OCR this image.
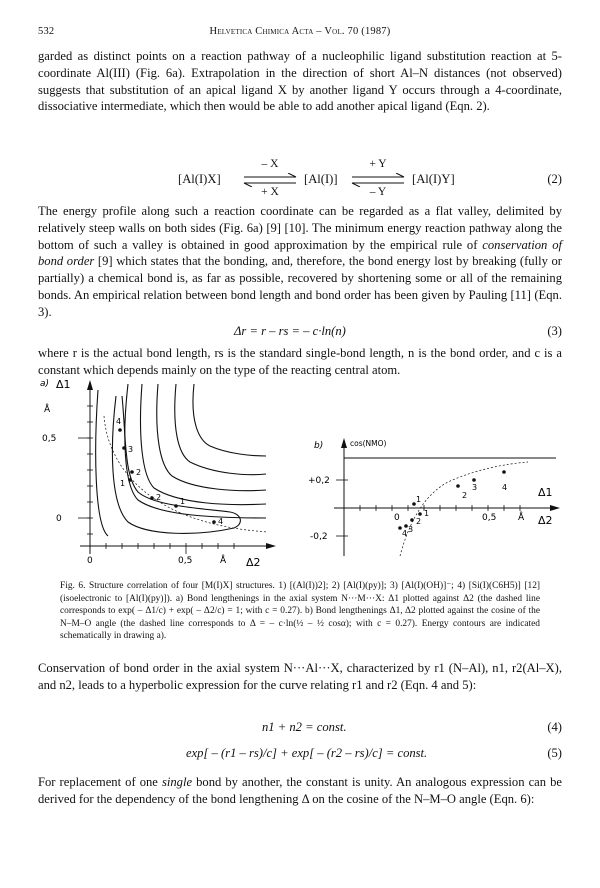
532	Helvetica Chimica Acta – Vol. 70 (1987)

garded as distinct points on a reaction pathway of a nucleophilic ligand substitution reaction at 5-coordinate Al(III) (Fig. 6a). Extrapolation in the direction of short Al–N distances (not observed) suggests that substitution of an apical ligand X by another ligand Y occurs through a 4-coordinate, dissociative intermediate, which then would be able to add another apical ligand (Eqn. 2).

[Al(I)X]
– X
+ X
[Al(I)]
+ Y
– Y
[Al(I)Y]	(2)

The energy profile along such a reaction coordinate can be regarded as a flat valley, delimited by relatively steep walls on both sides (Fig. 6a) [9] [10]. The minimum energy reaction pathway along the bottom of such a valley is obtained in good approximation by the empirical rule of conservation of bond order [9] which states that the bonding, and, therefore, the bond energy lost by breaking (fully or partially) a chemical bond is, as far as possible, recovered by shortening some or all of the remaining bonds. An empirical relation between bond length and bond order has been given by Pauling [11] (Eqn. 3).

Δr = r – rs = – c·ln(n)	(3)

where r is the actual bond length, rs is the standard single-bond length, n is the bond order, and c is a constant which depends mainly on the type of the reacting central atom.

a) Δ1
Å
0,5
0
0	0,5	Å Δ2
4
3
2
1
2 1
4
b)	cos(NMO)
+0,2
-0,2
0	0,5 Å
Δ1
Δ2
3	4
2
1
1
2
3
4

Fig. 6. Structure correlation of four [M(I)X] structures. 1) [(Al(I))2]; 2) [Al(I)(py)]; 3) [Al(I)(OH)]⁻; 4) [Si(I)(C6H5)] [12] (isoelectronic to [Al(I)(py)]). a) Bond lengthenings in the axial system N···M···X: Δ1 plotted against Δ2 (the dashed line corresponds to exp( – Δ1/c) + exp( – Δ2/c) = 1; with c = 0.27). b) Bond lengthenings Δ1, Δ2 plotted against the cosine of the N–M–O angle (the dashed line corresponds to Δ = – c·ln(½ – ½ cosα); with c = 0.27). Energy contours are indicated schematically in drawing a).

Conservation of bond order in the axial system N···Al···X, characterized by r1 (N–Al), n1, r2(Al–X), and n2, leads to a hyperbolic expression for the curve relating r1 and r2 (Eqn. 4 and 5):

n1 + n2 = const.	(4)
exp[ – (r1 – rs)/c] + exp[ – (r2 – rs)/c] = const.	(5)

For replacement of one single bond by another, the constant is unity. An analogous expression can be derived for the dependency of the bond lengthening Δ on the cosine of the N–M–O angle (Eqn. 6):
